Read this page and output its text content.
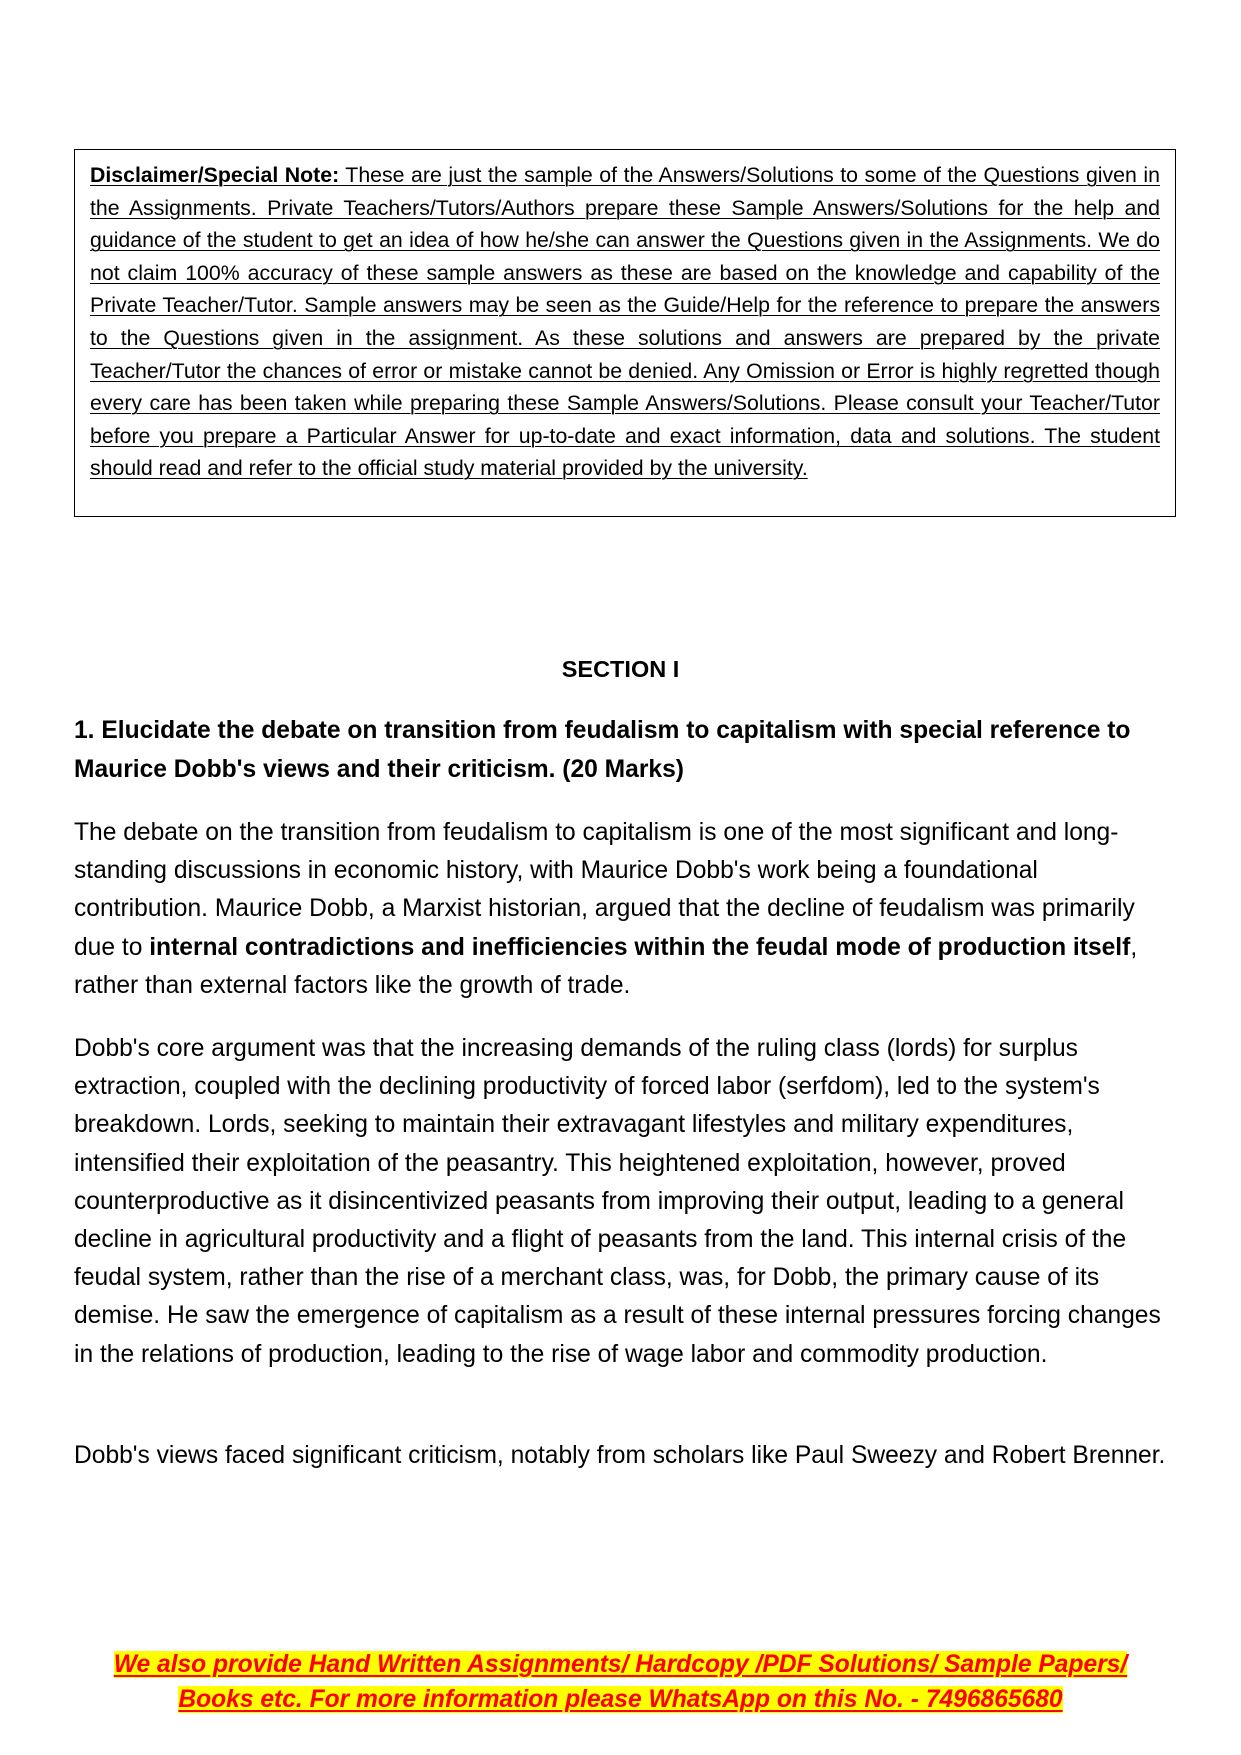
Disclaimer/Special Note: These are just the sample of the Answers/Solutions to some of the Questions given in the Assignments. Private Teachers/Tutors/Authors prepare these Sample Answers/Solutions for the help and guidance of the student to get an idea of how he/she can answer the Questions given in the Assignments. We do not claim 100% accuracy of these sample answers as these are based on the knowledge and capability of the Private Teacher/Tutor. Sample answers may be seen as the Guide/Help for the reference to prepare the answers to the Questions given in the assignment. As these solutions and answers are prepared by the private Teacher/Tutor the chances of error or mistake cannot be denied. Any Omission or Error is highly regretted though every care has been taken while preparing these Sample Answers/Solutions. Please consult your Teacher/Tutor before you prepare a Particular Answer for up-to-date and exact information, data and solutions. The student should read and refer to the official study material provided by the university.

SECTION I

1. Elucidate the debate on transition from feudalism to capitalism with special reference to Maurice Dobb's views and their criticism. (20 Marks)

The debate on the transition from feudalism to capitalism is one of the most significant and long-standing discussions in economic history, with Maurice Dobb's work being a foundational contribution. Maurice Dobb, a Marxist historian, argued that the decline of feudalism was primarily due to internal contradictions and inefficiencies within the feudal mode of production itself, rather than external factors like the growth of trade.

Dobb's core argument was that the increasing demands of the ruling class (lords) for surplus extraction, coupled with the declining productivity of forced labor (serfdom), led to the system's breakdown. Lords, seeking to maintain their extravagant lifestyles and military expenditures, intensified their exploitation of the peasantry. This heightened exploitation, however, proved counterproductive as it disincentivized peasants from improving their output, leading to a general decline in agricultural productivity and a flight of peasants from the land. This internal crisis of the feudal system, rather than the rise of a merchant class, was, for Dobb, the primary cause of its demise. He saw the emergence of capitalism as a result of these internal pressures forcing changes in the relations of production, leading to the rise of wage labor and commodity production.

Dobb's views faced significant criticism, notably from scholars like Paul Sweezy and Robert Brenner.

We also provide Hand Written Assignments/ Hardcopy /PDF Solutions/ Sample Papers/
Books etc. For more information please WhatsApp on this No. - 7496865680
